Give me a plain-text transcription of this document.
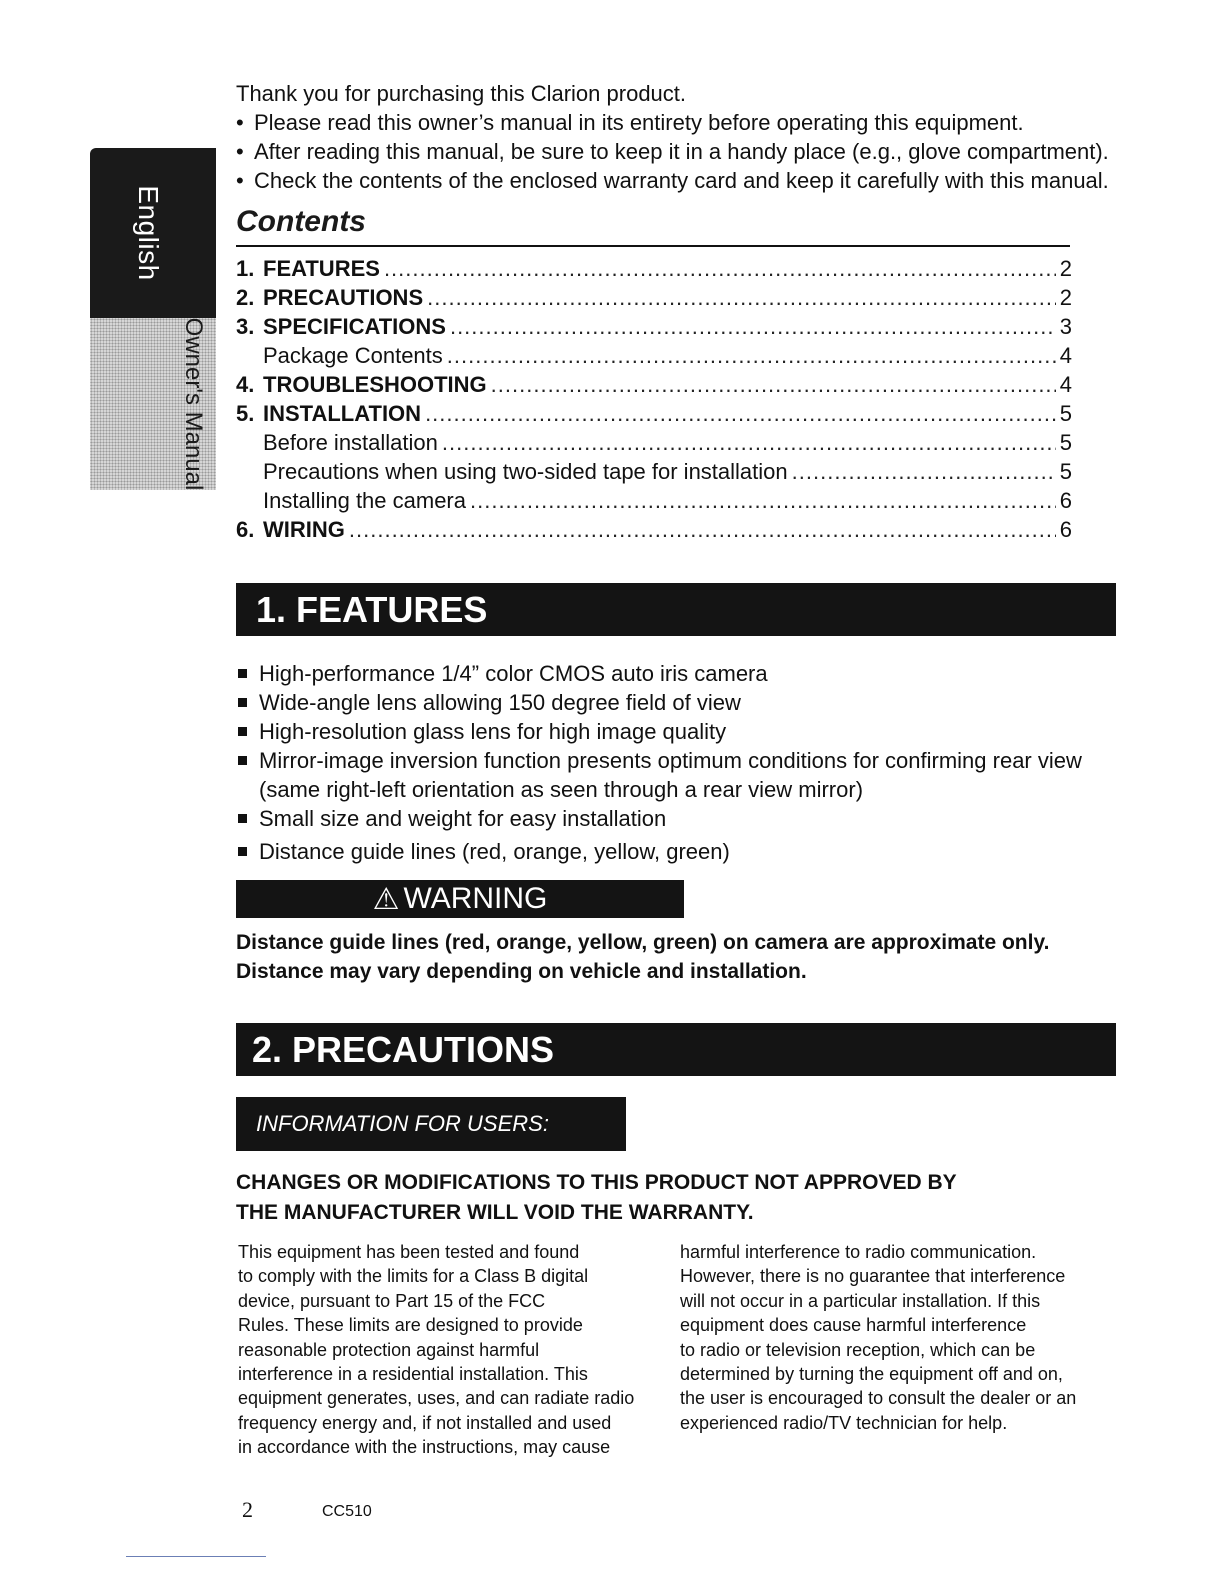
English
Owner's Manual
Thank you for purchasing this Clarion product.
• Please read this owner’s manual in its entirety before operating this equipment.
• After reading this manual, be sure to keep it in a handy place (e.g., glove compartment).
• Check the contents of the enclosed warranty card and keep it carefully with this manual.
Contents
1. FEATURES .....	2
2. PRECAUTIONS .....	2
3. SPECIFICATIONS .....	3
Package Contents .....	4
4. TROUBLESHOOTING .....	4
5. INSTALLATION .....	5
Before installation .....	5
Precautions when using two-sided tape for installation .....	5
Installing the camera .....	6
6. WIRING .....	6
1. FEATURES
High-performance 1/4” color CMOS auto iris camera
Wide-angle lens allowing 150 degree field of view
High-resolution glass lens for high image quality
Mirror-image inversion function presents optimum conditions for confirming rear view
(same right-left orientation as seen through a rear view mirror)
Small size and weight for easy installation
Distance guide lines (red, orange, yellow, green)
⚠ WARNING
Distance guide lines (red, orange, yellow, green) on camera are approximate only.
Distance may vary depending on vehicle and installation.
2. PRECAUTIONS
INFORMATION FOR USERS:
CHANGES OR MODIFICATIONS TO THIS PRODUCT NOT APPROVED BY
THE MANUFACTURER WILL VOID THE WARRANTY.
This equipment has been tested and found
to comply with the limits for a Class B digital
device, pursuant to Part 15 of the FCC
Rules. These limits are designed to provide
reasonable protection against harmful
interference in a residential installation. This
equipment generates, uses, and can radiate radio
frequency energy and, if not installed and used
in accordance with the instructions, may cause
harmful interference to radio communication.
However, there is no guarantee that interference
will not occur in a particular installation. If this
equipment does cause harmful interference
to radio or television reception, which can be
determined by turning the equipment off and on,
the user is encouraged to consult the dealer or an
experienced radio/TV technician for help.
2	CC510
